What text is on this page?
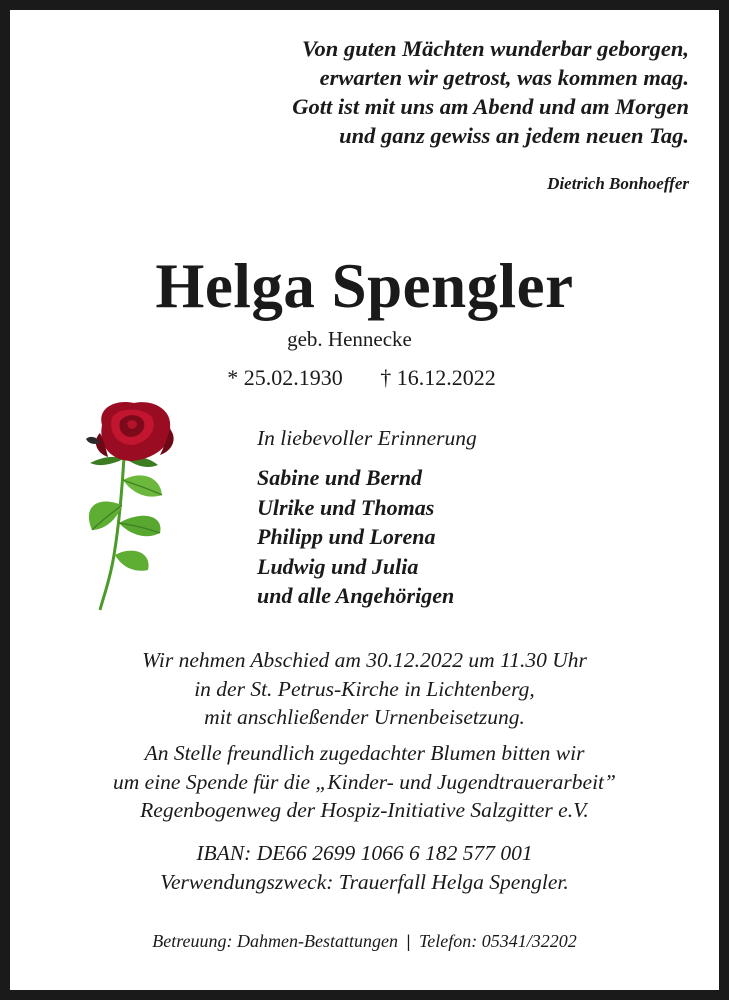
Von guten Mächten wunderbar geborgen,
erwarten wir getrost, was kommen mag.
Gott ist mit uns am Abend und am Morgen
und ganz gewiss an jedem neuen Tag.
Dietrich Bonhoeffer
Helga Spengler
geb. Hennecke
* 25.02.1930 † 16.12.2022
In liebevoller Erinnerung
Sabine und Bernd
Ulrike und Thomas
Philipp und Lorena
Ludwig und Julia
und alle Angehörigen
Wir nehmen Abschied am 30.12.2022 um 11.30 Uhr
in der St. Petrus-Kirche in Lichtenberg,
mit anschließender Urnenbeisetzung.
An Stelle freundlich zugedachter Blumen bitten wir
um eine Spende für die „Kinder- und Jugendtrauerarbeit”
Regenbogenweg der Hospiz-Initiative Salzgitter e.V.
IBAN: DE66 2699 1066 6 182 577 001
Verwendungszweck: Trauerfall Helga Spengler.
Betreuung: Dahmen-Bestattungen | Telefon: 05341/32202
